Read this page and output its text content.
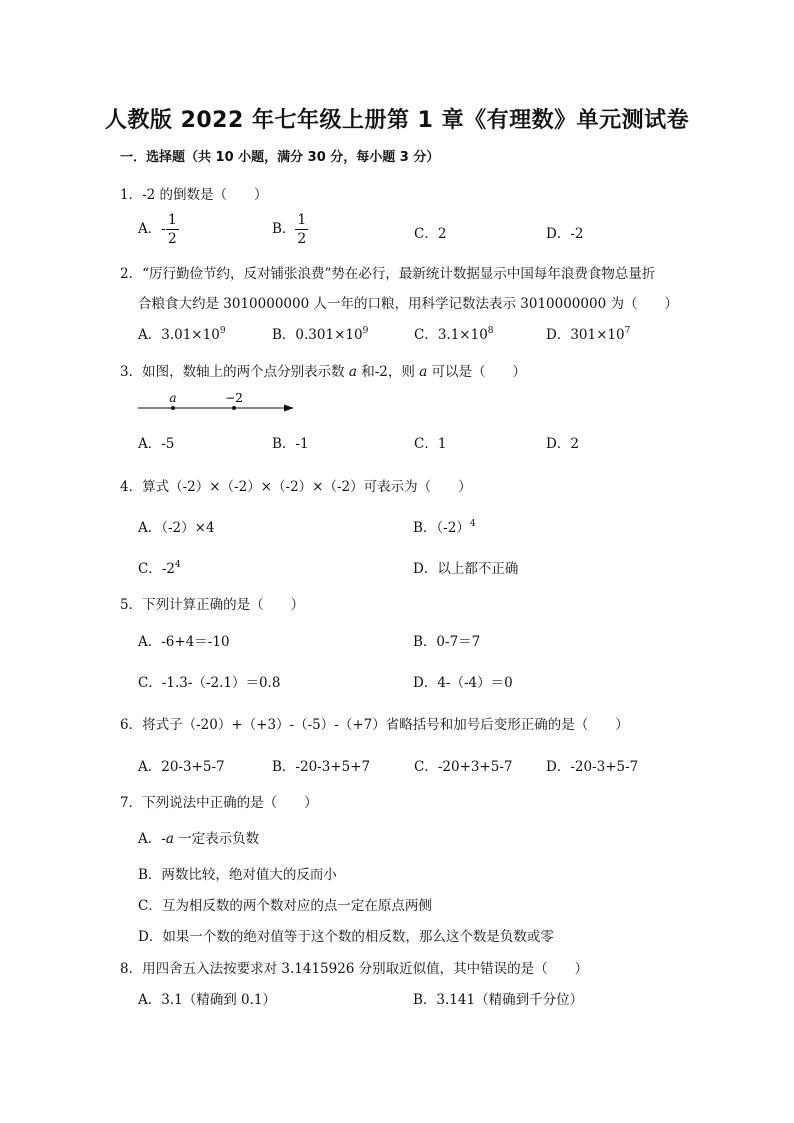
人教版 2022 年七年级上册第 1 章《有理数》单元测试卷
一．选择题（共 10 小题，满分 30 分，每小题 3 分）
1．-2 的倒数是（　　）
A．- $\frac{1}{2}$	B． $\frac{1}{2}$	C．2	D．-2
2．“厉行勤俭节约，反对铺张浪费”势在必行，最新统计数据显示中国每年浪费食物总量折
合粮食大约是 3010000000 人一年的口粮，用科学记数法表示 3010000000 为（　　）
A．$3.01\times 10^9$	B．$0.301\times 10^9$	C．$3.1\times 10^8$	D．$301\times 10^7$
3．如图，数轴上的两个点分别表示数 a 和-2，则 a 可以是（　　）
a	−2
A．-5	B．-1	C．1	D．2
4．算式（-2）×（-2）×（-2）×（-2）可表示为（　　）
A．（-2）×4	B．$(-2)^4$
C．$-2^4$	D．以上都不正确
5．下列计算正确的是（　　）
A．-6+4＝-10	B．0-7＝7
C．-1.3-（-2.1）＝0.8	D．4-（-4）＝0
6．将式子（-20）+（+3）-（-5）-（+7）省略括号和加号后变形正确的是（　　）
A．20-3+5-7	B．-20-3+5+7	C．-20+3+5-7 D．-20-3+5-7
7．下列说法中正确的是（　　）
A．-a 一定表示负数
B．两数比较，绝对值大的反而小
C．互为相反数的两个数对应的点一定在原点两侧
D．如果一个数的绝对值等于这个数的相反数，那么这个数是负数或零
8．用四舍五入法按要求对 3.1415926 分别取近似值，其中错误的是（　　）
A．3.1（精确到 0.1）	B．3.141（精确到千分位）
